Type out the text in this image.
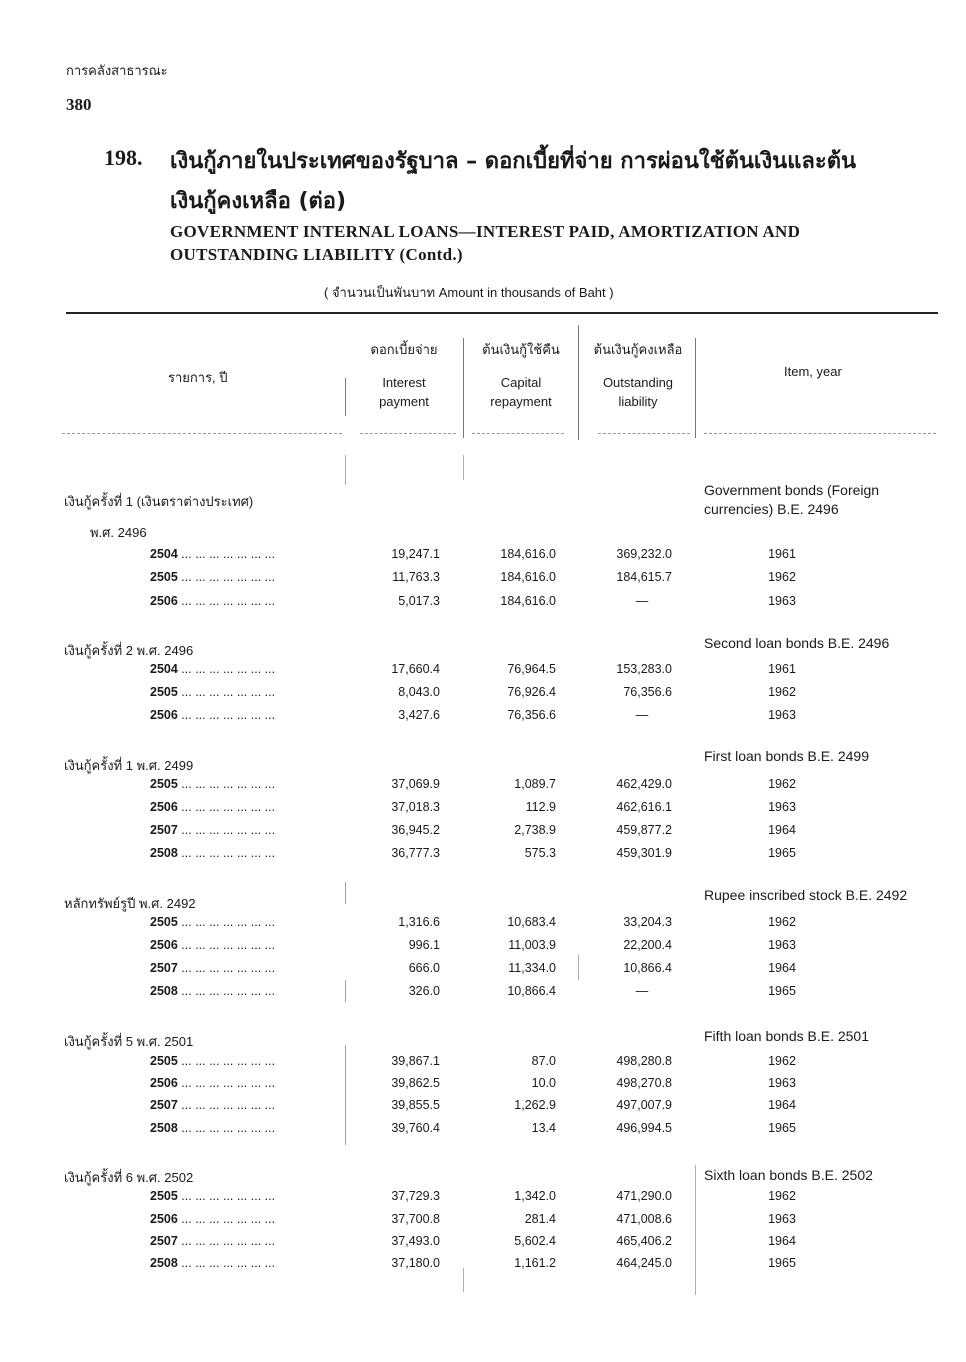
การคลังสาธารณะ
380
198. เงินกู้ภายในประเทศของรัฐบาล – ดอกเบี้ยที่จ่าย การผ่อนใช้ต้นเงินและต้น
เงินกู้คงเหลือ (ต่อ)
GOVERNMENT INTERNAL LOANS—INTEREST PAID, AMORTIZATION AND
OUTSTANDING LIABILITY (Contd.)
( จำนวนเป็นพันบาท Amount in thousands of Baht )
รายการ, ปี
ดอกเบี้ยจ่าย
Interest
payment
ต้นเงินกู้ใช้คืน
Capital
repayment
ต้นเงินกู้คงเหลือ
Outstanding
liability
Item, year
เงินกู้ครั้งที่ 1 (เงินตราต่างประเทศ)
พ.ศ. 2496
Government bonds (Foreign currencies) B.E. 2496
2504 ... ... ... ... ... ... ...	19,247.1	184,616.0	369,232.0	1961
2505 ... ... ... ... ... ... ...	11,763.3	184,616.0	184,615.7	1962
2506 ... ... ... ... ... ... ...	5,017.3	184,616.0	—	1963
เงินกู้ครั้งที่ 2 พ.ศ. 2496	Second loan bonds B.E. 2496
2504 ... ... ... ... ... ... ...	17,660.4	76,964.5	153,283.0	1961
2505 ... ... ... ... ... ... ...	8,043.0	76,926.4	76,356.6	1962
2506 ... ... ... ... ... ... ...	3,427.6	76,356.6	—	1963
เงินกู้ครั้งที่ 1 พ.ศ. 2499
First loan bonds B.E. 2499
2505 ... ... ... ... ... ... ...	37,069.9	1,089.7	462,429.0	1962
2506 ... ... ... ... ... ... ...	37,018.3	112.9	462,616.1	1963
2507 ... ... ... ... ... ... ...	36,945.2	2,738.9	459,877.2	1964
2508 ... ... ... ... ... ... ...	36,777.3	575.3	459,301.9	1965
หลักทรัพย์รูปี พ.ศ. 2492
Rupee inscribed stock B.E. 2492
2505 ... ... ... ... ... ... ...	1,316.6	10,683.4	33,204.3	1962
2506 ... ... ... ... ... ... ...	996.1	11,003.9	22,200.4	1963
2507 ... ... ... ... ... ... ...	666.0	11,334.0	10,866.4	1964
2508 ... ... ... ... ... ... ...	326.0	10,866.4	—	1965
เงินกู้ครั้งที่ 5 พ.ศ. 2501	Fifth loan bonds B.E. 2501
2505 ... ... ... ... ... ... ...	39,867.1	87.0	498,280.8	1962
2506 ... ... ... ... ... ... ...	39,862.5	10.0	498,270.8	1963
2507 ... ... ... ... ... ... ...	39,855.5	1,262.9	497,007.9	1964
2508 ... ... ... ... ... ... ...	39,760.4	13.4	496,994.5	1965
เงินกู้ครั้งที่ 6 พ.ศ. 2502	Sixth loan bonds B.E. 2502
2505 ... ... ... ... ... ... ...	37,729.3	1,342.0	471,290.0	1962
2506 ... ... ... ... ... ... ...	37,700.8	281.4	471,008.6	1963
2507 ... ... ... ... ... ... ...	37,493.0	5,602.4	465,406.2	1964
2508 ... ... ... ... ... ... ...	37,180.0	1,161.2	464,245.0	1965
